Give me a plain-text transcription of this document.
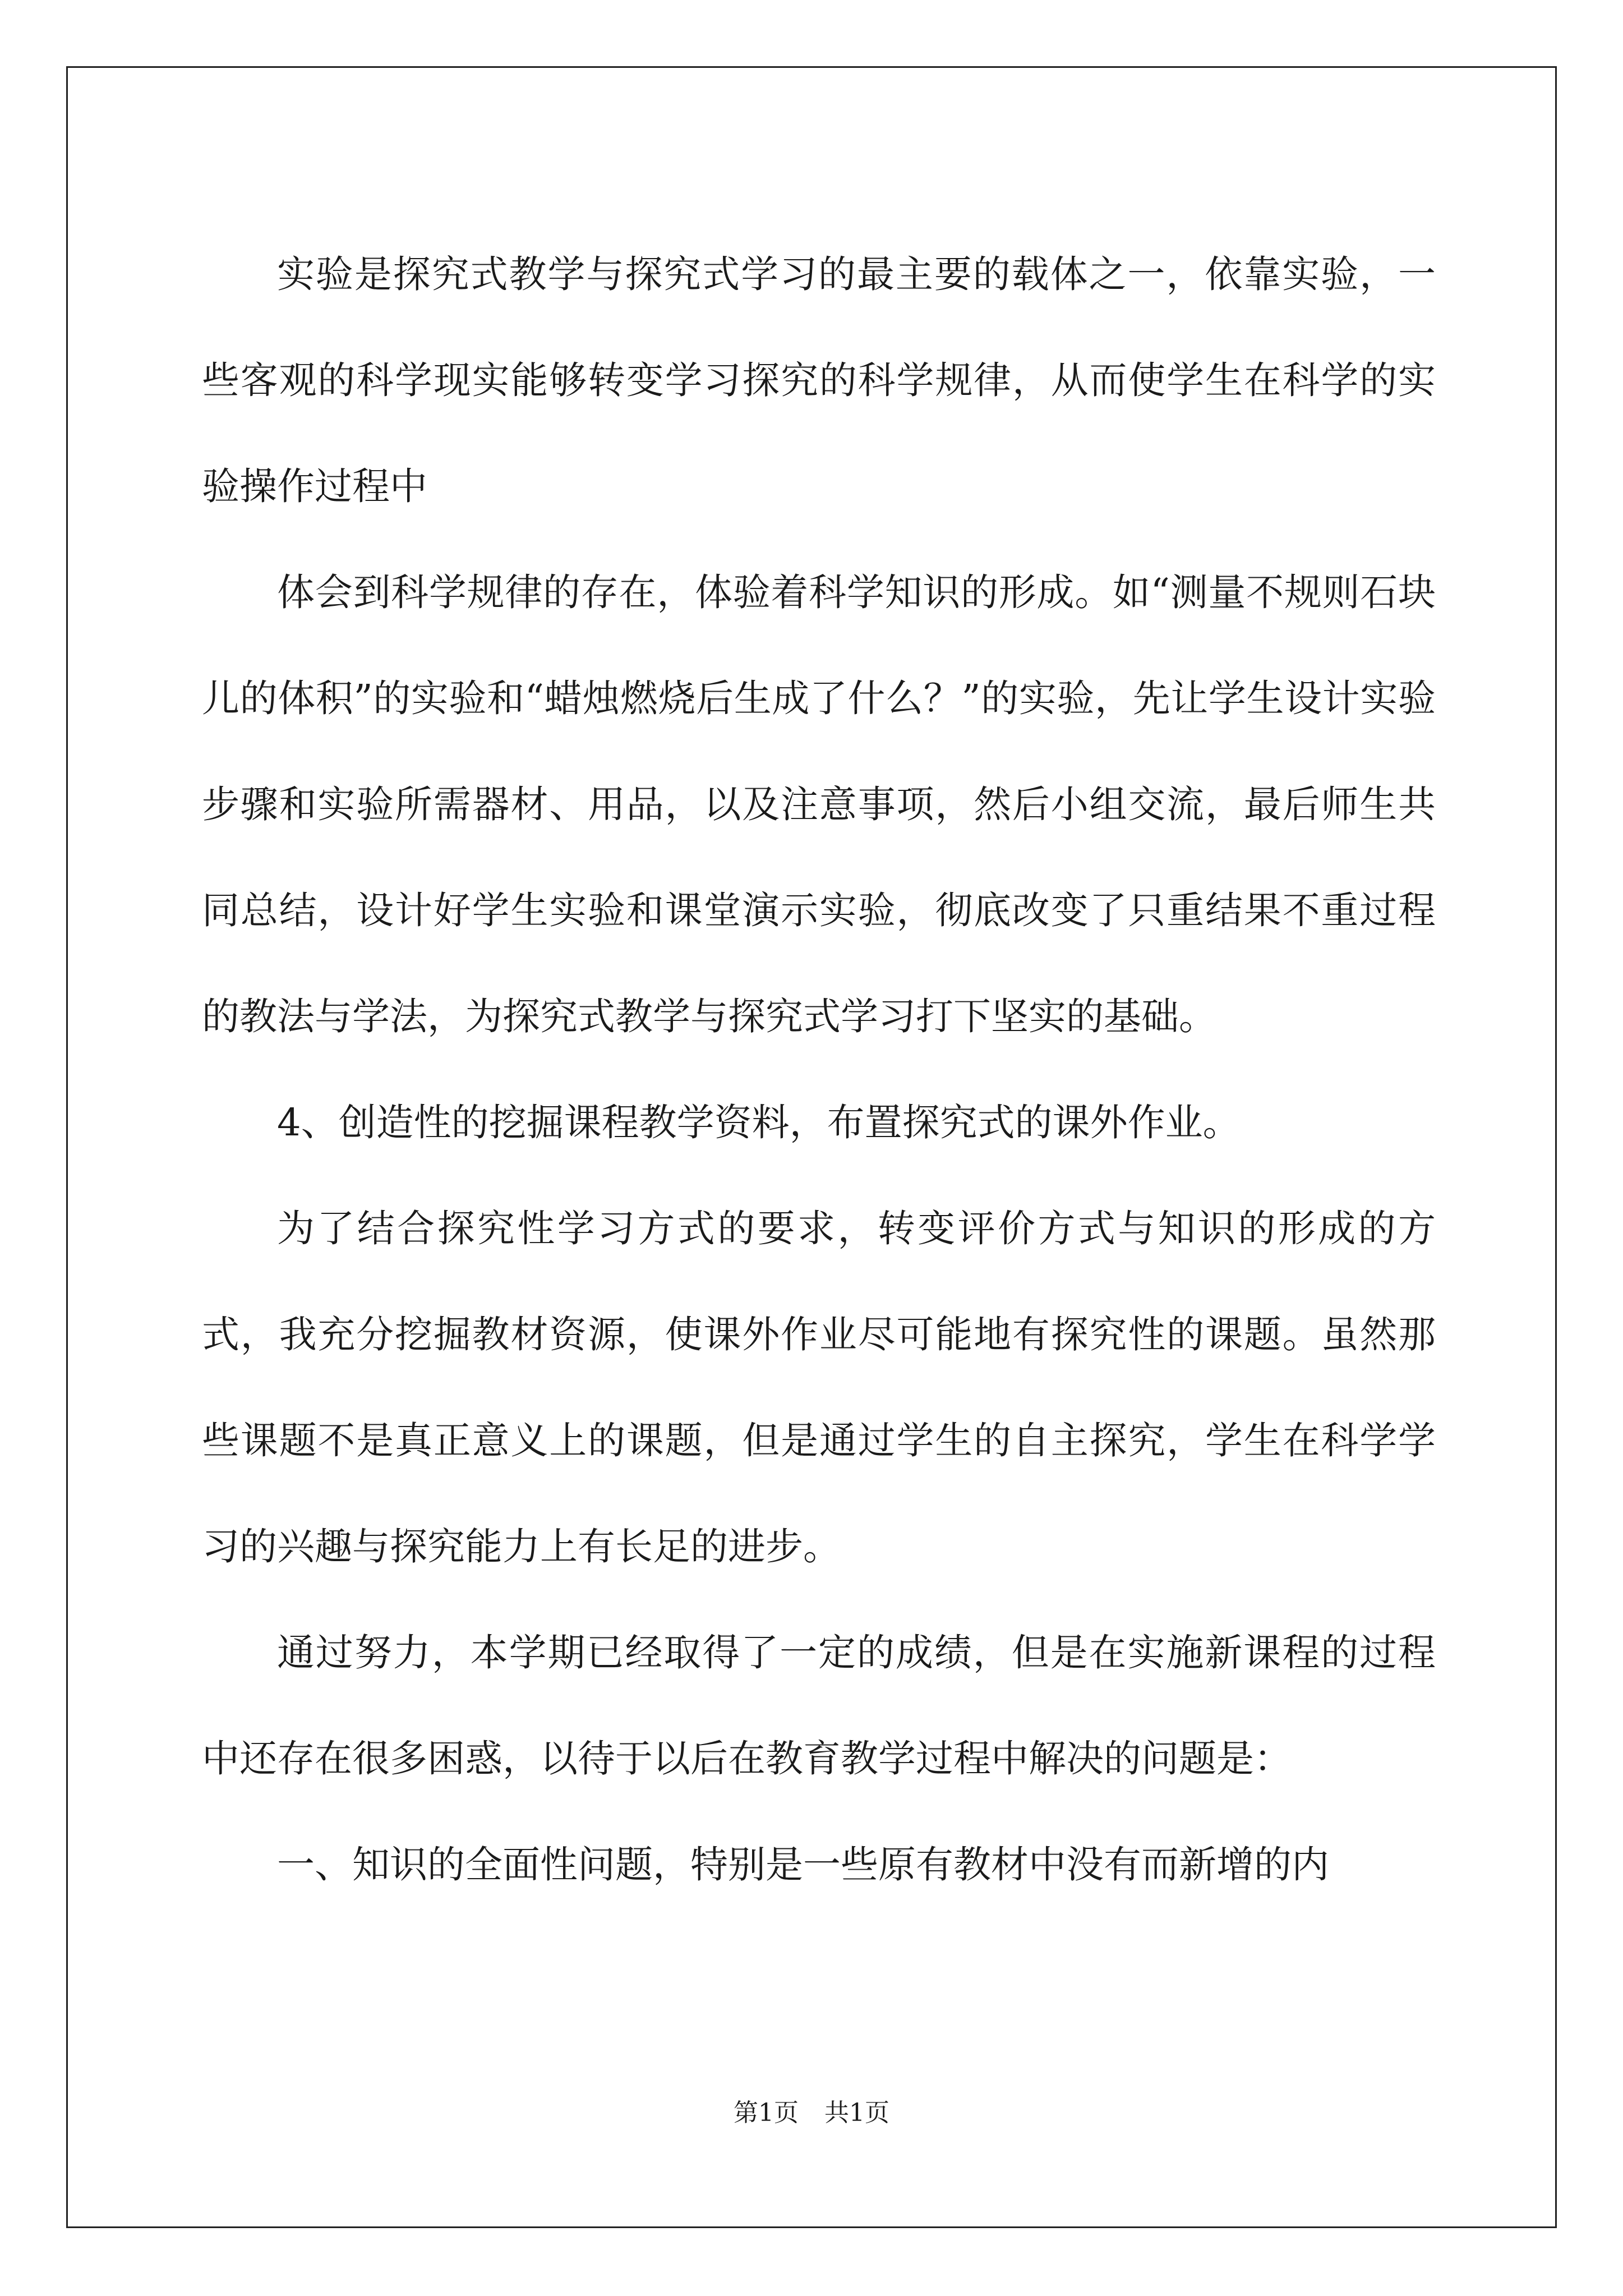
实验是探究式教学与探究式学习的最主要的载体之一，依靠实验，一些客观的科学现实能够转变学习探究的科学规律，从而使学生在科学的实验操作过程中

体会到科学规律的存在，体验着科学知识的形成。如“测量不规则石块儿的体积”的实验和“蜡烛燃烧后生成了什么？”的实验，先让学生设计实验步骤和实验所需器材、用品，以及注意事项，然后小组交流，最后师生共同总结，设计好学生实验和课堂演示实验，彻底改变了只重结果不重过程的教法与学法，为探究式教学与探究式学习打下坚实的基础。

4、创造性的挖掘课程教学资料，布置探究式的课外作业。

为了结合探究性学习方式的要求，转变评价方式与知识的形成的方式，我充分挖掘教材资源，使课外作业尽可能地有探究性的课题。虽然那些课题不是真正意义上的课题，但是通过学生的自主探究，学生在科学学习的兴趣与探究能力上有长足的进步。

通过努力，本学期已经取得了一定的成绩，但是在实施新课程的过程中还存在很多困惑，以待于以后在教育教学过程中解决的问题是：

一、知识的全面性问题，特别是一些原有教材中没有而新增的内

第1页 共1页
